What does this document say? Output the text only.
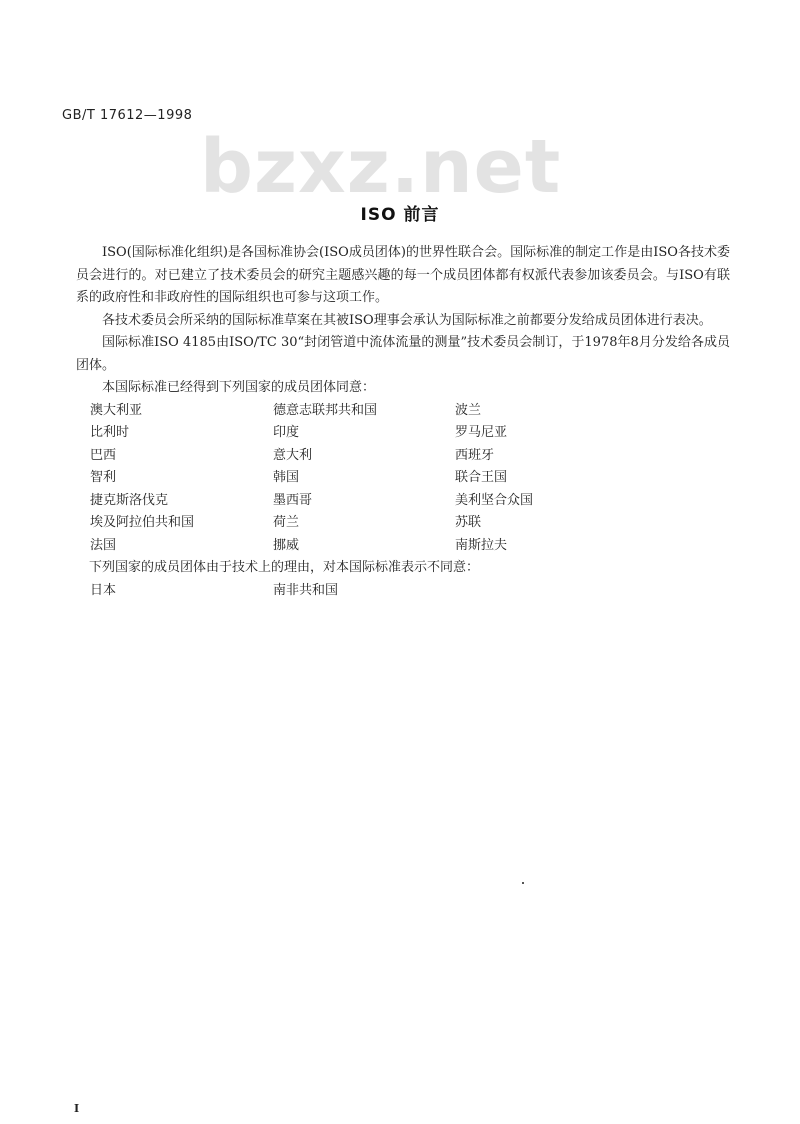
GB/T 17612—1998
bzxz.net
ISO 前言

ISO(国际标准化组织)是各国标准协会(ISO成员团体)的世界性联合会。国际标准的制定工作是由ISO各技术委员会进行的。对已建立了技术委员会的研究主题感兴趣的每一个成员团体都有权派代表参加该委员会。与ISO有联系的政府性和非政府性的国际组织也可参与这项工作。

各技术委员会所采纳的国际标准草案在其被ISO理事会承认为国际标准之前都要分发给成员团体进行表决。

国际标准ISO 4185由ISO/TC 30“封闭管道中流体流量的测量”技术委员会制订，于1978年8月分发给各成员团体。

本国际标准已经得到下列国家的成员团体同意：

澳大利亚	德意志联邦共和国	波兰
比利时	印度	罗马尼亚
巴西	意大利	西班牙
智利	韩国	联合王国
捷克斯洛伐克	墨西哥	美利坚合众国
埃及阿拉伯共和国	荷兰	苏联
法国	挪威	南斯拉夫

下列国家的成员团体由于技术上的理由，对本国际标准表示不同意：

日本	南非共和国
I
